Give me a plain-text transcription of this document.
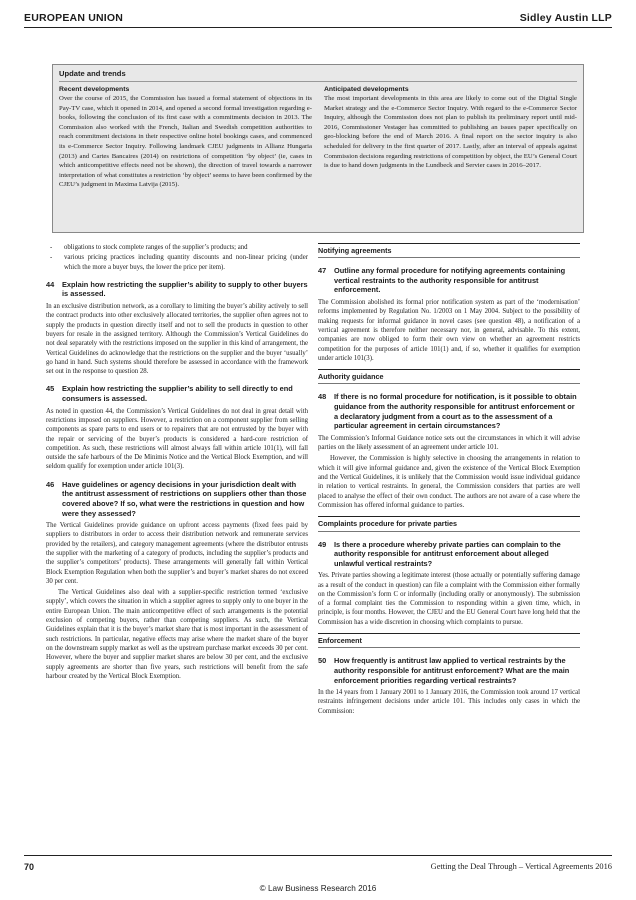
EUROPEAN UNION	Sidley Austin LLP
Update and trends
Recent developments
Over the course of 2015, the Commission has issued a formal statement of objections in its Pay-TV case, which it opened in 2014, and opened a second formal investigation regarding e-books, following the conclusion of its first case with a commitments decision in 2013. The Commission also worked with the French, Italian and Swedish competition authorities to reach commitment decisions in their respective online hotel bookings cases, and commenced its e-Commerce Sector Inquiry. Following landmark CJEU judgments in Allianz Hungaria (2013) and Cartes Bancaires (2014) on restrictions of competition ‘by object’ (ie, cases in which anticompetitive effects need not be shown), the direction of travel towards a narrower interpretation of what constitutes a restriction ‘by object’ seems to have been confirmed by the CJEU’s judgment in Maxima Latvija (2015).
Anticipated developments
The most important developments in this area are likely to come out of the Digital Single Market strategy and the e-Commerce Sector Inquiry. With regard to the e-Commerce Sector Inquiry, although the Commission does not plan to publish its preliminary report until mid-2016, Commissioner Vestager has committed to publishing an issues paper specifically on geo-blocking before the end of March 2016. A final report on the sector inquiry is also scheduled for delivery in the first quarter of 2017. Lastly, after an interval of appeals against Commission decisions regarding restrictions of competition by object, the EU’s General Court is due to hand down judgments in the Lundbeck and Servier cases in 2016–2017.
- obligations to stock complete ranges of the supplier’s products; and
- various pricing practices including quantity discounts and non-linear pricing (under which the more a buyer buys, the lower the price per item).
44	Explain how restricting the supplier’s ability to supply to other buyers is assessed.
In an exclusive distribution network, as a corollary to limiting the buyer’s ability actively to sell the contract products into other exclusively allocated territories, the supplier often agrees not to supply the products in question directly itself and not to sell the products in question to other buyers for resale in the assigned territory. Although the Commission’s Vertical Guidelines do not deal separately with the restrictions imposed on the supplier in this kind of arrangement, the Vertical Guidelines do acknowledge that the restrictions on the supplier and the buyer ‘usually’ go hand in hand. Such systems should therefore be assessed in accordance with the framework set out in the response to question 28.
45	Explain how restricting the supplier’s ability to sell directly to end consumers is assessed.
As noted in question 44, the Commission’s Vertical Guidelines do not deal in great detail with restrictions imposed on suppliers. However, a restriction on a component supplier from selling components as spare parts to end users or to repairers that are not entrusted by the buyer with the repair or servicing of the buyer’s products is considered a hard-core restriction of competition. As such, these restrictions will almost always fall within article 101(1), will fall outside the safe harbours of the De Minimis Notice and the Vertical Block Exemption, and will seldom qualify for exemption under article 101(3).
46	Have guidelines or agency decisions in your jurisdiction dealt with the antitrust assessment of restrictions on suppliers other than those covered above? If so, what were the restrictions in question and how were they assessed?
The Vertical Guidelines provide guidance on upfront access payments (fixed fees paid by suppliers to distributors in order to access their distribution network and remunerate services provided by the retailers), and category management agreements (where the distributor entrusts the supplier with the marketing of a category of products, including the supplier’s products and the supplier’s competitors’ products). These arrangements will generally fall within Vertical Block Exemption Regulation when both the supplier’s and buyer’s market shares do not exceed 30 per cent.
The Vertical Guidelines also deal with a supplier-specific restriction termed ‘exclusive supply’, which covers the situation in which a supplier agrees to supply only to one buyer in the entire European Union. The main anticompetitive effect of such arrangements is the potential exclusion of competing buyers, rather than competing suppliers. As such, the Vertical Guidelines explain that it is the buyer’s market share that is most important in the assessment of such restrictions. In particular, negative effects may arise where the market share of the buyer on the downstream supply market as well as the upstream purchase market exceeds 30 per cent. However, where the buyer and supplier market shares are below 30 per cent, and the exclusive supply agreements are shorter than five years, such restrictions will benefit from the safe harbour created by the Vertical Block Exemption.
Notifying agreements
47	Outline any formal procedure for notifying agreements containing vertical restraints to the authority responsible for antitrust enforcement.
The Commission abolished its formal prior notification system as part of the ‘modernisation’ reforms implemented by Regulation No. 1/2003 on 1 May 2004. Subject to the possibility of making requests for informal guidance in novel cases (see question 48), a notification of a vertical agreement is therefore neither necessary nor, in general, advisable. To this extent, companies are now obliged to form their own view on whether an agreement restricts competition for the purposes of article 101(1) and, if so, whether it qualifies for exemption under article 101(3).
Authority guidance
48	If there is no formal procedure for notification, is it possible to obtain guidance from the authority responsible for antitrust enforcement or a declaratory judgment from a court as to the assessment of a particular agreement in certain circumstances?
The Commission’s Informal Guidance notice sets out the circumstances in which it will advise parties on the likely assessment of an agreement under article 101.
However, the Commission is highly selective in choosing the arrangements in relation to which it will give informal guidance and, given the existence of the Vertical Block Exemption and the Vertical Guidelines, it is unlikely that the Commission would issue individual guidance in relation to vertical restraints. In general, the Commission considers that parties are well placed to analyse the effect of their own conduct. The authors are not aware of a case where the Commission has offered informal guidance to parties.
Complaints procedure for private parties
49	Is there a procedure whereby private parties can complain to the authority responsible for antitrust enforcement about alleged unlawful vertical restraints?
Yes. Private parties showing a legitimate interest (those actually or potentially suffering damage as a result of the conduct in question) can file a complaint with the Commission either formally on the Commission’s form C or informally (including orally or anonymously). The submission of a formal complaint ties the Commission to responding within a given time, which, in principle, is four months. However, the CJEU and the EU General Court have long held that the Commission has a wide discretion in choosing which complaints to pursue.
Enforcement
50	How frequently is antitrust law applied to vertical restraints by the authority responsible for antitrust enforcement? What are the main enforcement priorities regarding vertical restraints?
In the 14 years from 1 January 2001 to 1 January 2016, the Commission took around 17 vertical restraints infringement decisions under article 101. This includes only cases in which the Commission:
70	Getting the Deal Through – Vertical Agreements 2016
© Law Business Research 2016
